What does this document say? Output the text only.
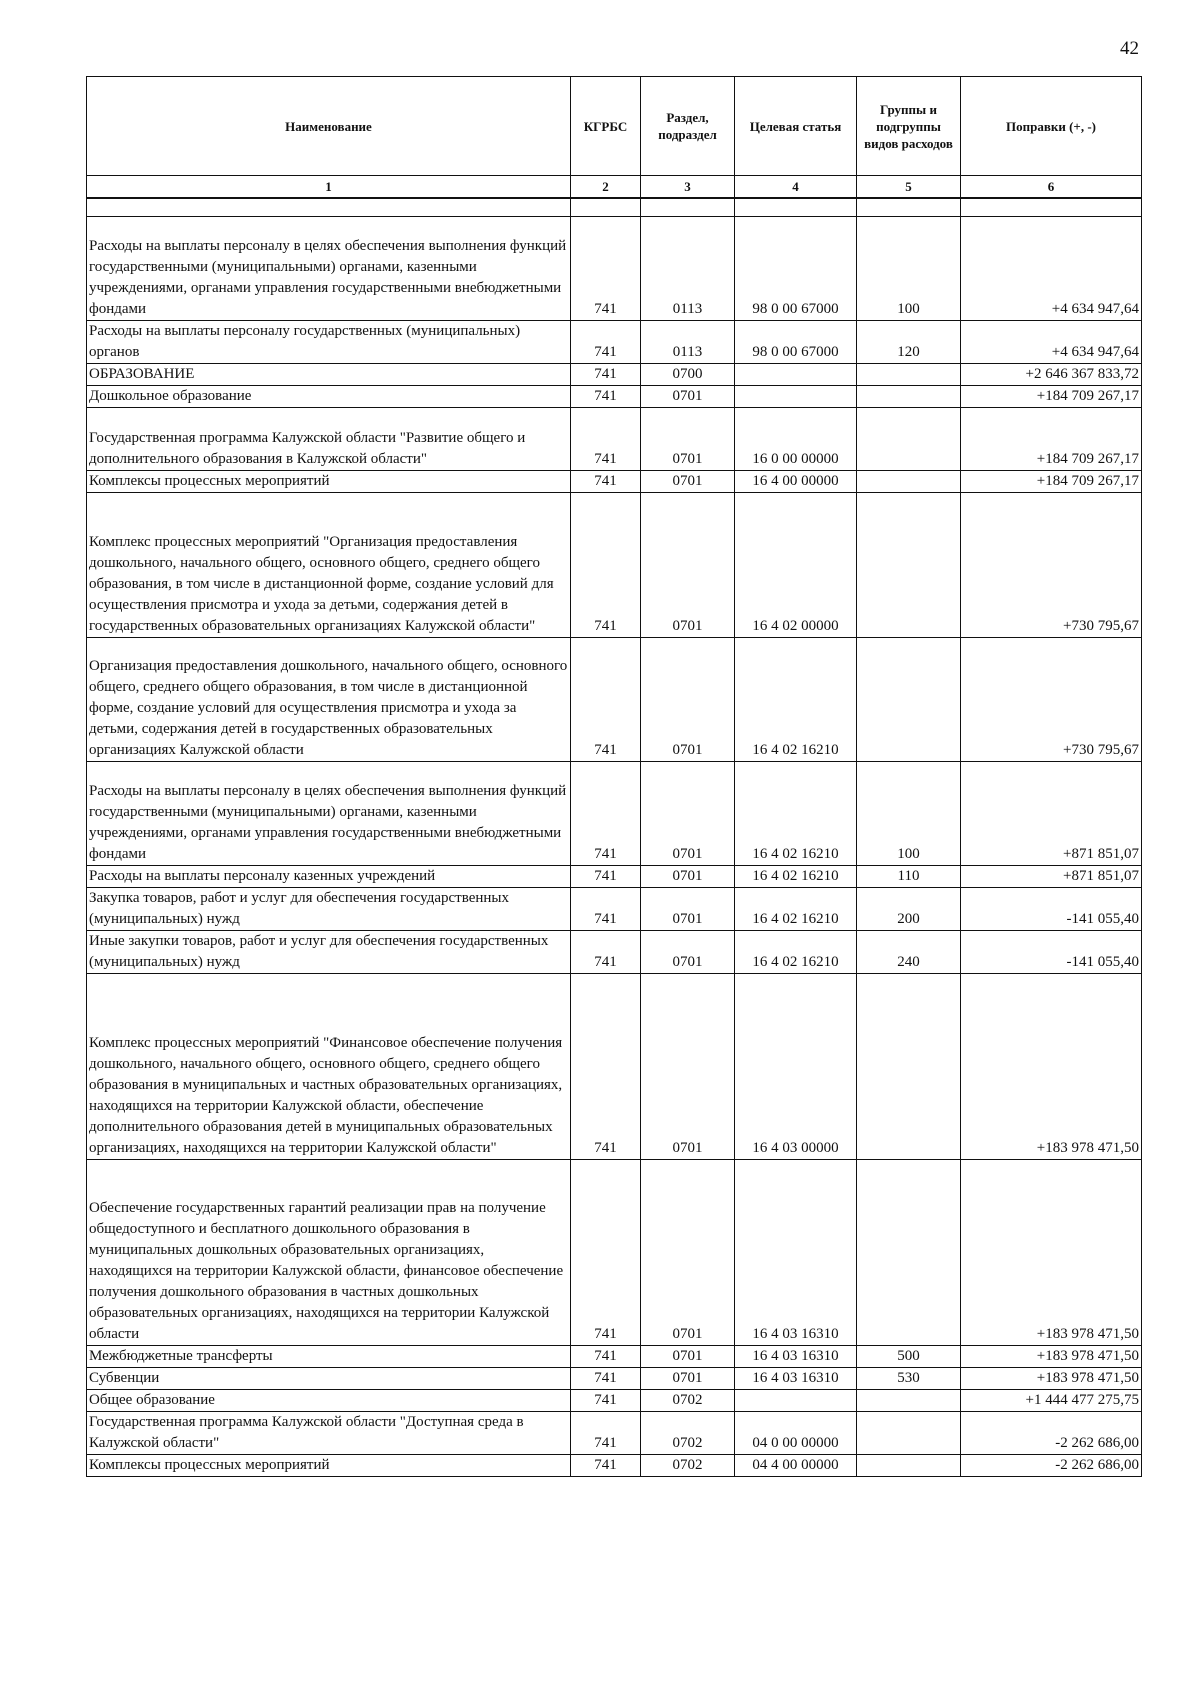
42
Наименование	КГРБС	Раздел, подраздел	Целевая статья	Группы и подгруппы видов расходов	Поправки (+, -)
1	2	3	4	5	6

Расходы на выплаты персоналу в целях обеспечения выполнения функций государственными (муниципальными) органами, казенными учреждениями, органами управления государственными внебюджетными фондами	741	0113	98 0 00 67000	100	+4 634 947,64
Расходы на выплаты персоналу государственных (муниципальных) органов	741	0113	98 0 00 67000	120	+4 634 947,64
ОБРАЗОВАНИЕ	741	0700			+2 646 367 833,72
Дошкольное образование	741	0701			+184 709 267,17
Государственная программа Калужской области "Развитие общего и дополнительного образования в Калужской области"	741	0701	16 0 00 00000		+184 709 267,17
Комплексы процессных мероприятий	741	0701	16 4 00 00000		+184 709 267,17
Комплекс процессных мероприятий "Организация предоставления дошкольного, начального общего, основного общего, среднего общего образования, в том числе в дистанционной форме, создание условий для осуществления присмотра и ухода за детьми, содержания детей в государственных образовательных организациях Калужской области"	741	0701	16 4 02 00000		+730 795,67
Организация предоставления дошкольного, начального общего, основного общего, среднего общего образования, в том числе в дистанционной форме, создание условий для осуществления присмотра и ухода за детьми, содержания детей в государственных образовательных организациях Калужской области	741	0701	16 4 02 16210		+730 795,67
Расходы на выплаты персоналу в целях обеспечения выполнения функций государственными (муниципальными) органами, казенными учреждениями, органами управления государственными внебюджетными фондами	741	0701	16 4 02 16210	100	+871 851,07
Расходы на выплаты персоналу казенных учреждений	741	0701	16 4 02 16210	110	+871 851,07
Закупка товаров, работ и услуг для обеспечения государственных (муниципальных) нужд	741	0701	16 4 02 16210	200	-141 055,40
Иные закупки товаров, работ и услуг для обеспечения государственных (муниципальных) нужд	741	0701	16 4 02 16210	240	-141 055,40
Комплекс процессных мероприятий "Финансовое обеспечение получения дошкольного, начального общего, основного общего, среднего общего образования в муниципальных и частных образовательных организациях, находящихся на территории Калужской области, обеспечение дополнительного образования детей в муниципальных образовательных организациях, находящихся на территории Калужской области"	741	0701	16 4 03 00000		+183 978 471,50
Обеспечение государственных гарантий реализации прав на получение общедоступного и бесплатного дошкольного образования в муниципальных дошкольных образовательных организациях, находящихся на территории Калужской области, финансовое обеспечение получения дошкольного образования в частных дошкольных образовательных организациях, находящихся на территории Калужской области	741	0701	16 4 03 16310		+183 978 471,50
Межбюджетные трансферты	741	0701	16 4 03 16310	500	+183 978 471,50
Субвенции	741	0701	16 4 03 16310	530	+183 978 471,50
Общее образование	741	0702			+1 444 477 275,75
Государственная программа Калужской области "Доступная среда в Калужской области"	741	0702	04 0 00 00000		-2 262 686,00
Комплексы процессных мероприятий	741	0702	04 4 00 00000		-2 262 686,00
